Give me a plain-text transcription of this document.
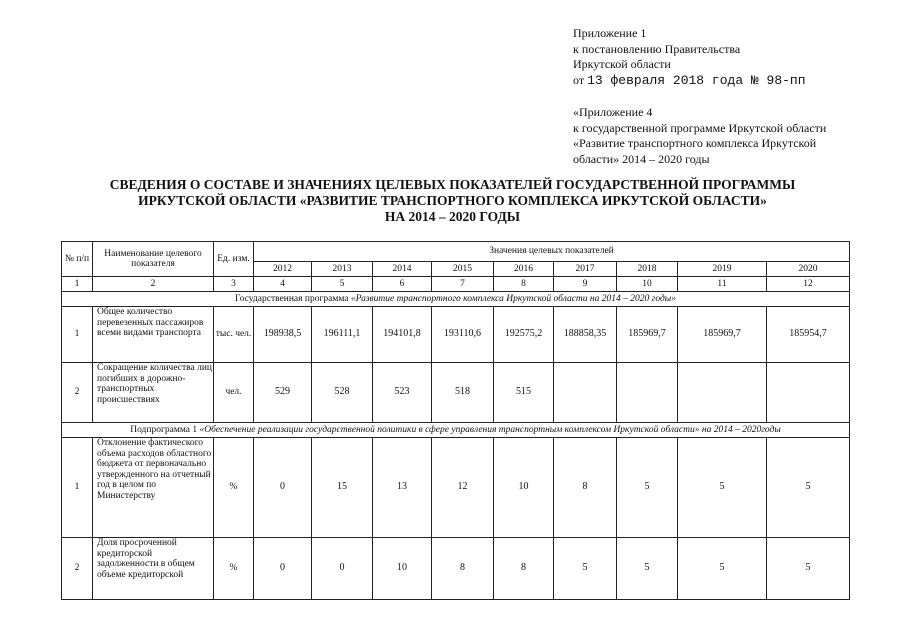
Приложение 1
к постановлению Правительства
Иркутской области
от 13 февраля 2018 года № 98-пп
«Приложение 4
к государственной программе Иркутской области
«Развитие транспортного комплекса Иркутской
области» 2014 – 2020 годы
СВЕДЕНИЯ О СОСТАВЕ И ЗНАЧЕНИЯХ ЦЕЛЕВЫХ ПОКАЗАТЕЛЕЙ ГОСУДАРСТВЕННОЙ ПРОГРАММЫ
ИРКУТСКОЙ ОБЛАСТИ «РАЗВИТИЕ ТРАНСПОРТНОГО КОМПЛЕКСА ИРКУТСКОЙ ОБЛАСТИ»
НА 2014 – 2020 ГОДЫ
№ п/п	Наименование целевого показателя	Ед. изм.	Значения целевых показателей								
			2012	2013	2014	2015	2016	2017	2018	2019	2020
1	2	3	4	5	6	7	8	9	10	11	12
Государственная программа «Развитие транспортного комплекса Иркутской области на 2014 – 2020 годы»											
1	Общее количество перевезенных пассажиров всеми видами транспорта	тыс. чел.	198938,5	196111,1	194101,8	193110,6	192575,2	188858,35	185969,7	185969,7	185954,7
2	Сокращение количества лиц погибших в дорожно-транспортных происшествиях	чел.	529	528	523	518	515				
Подпрограмма 1 «Обеспечение реализации государственной политики в сфере управления транспортным комплексом Иркутской области» на 2014 – 2020годы											
1	Отклонение фактического объема расходов областного бюджета от первоначально утвержденного на отчетный год в целом по Министерству	%	0	15	13	12	10	8	5	5	5
2	Доля просроченной кредиторской задолженности в общем объеме кредиторской	%	0	0	10	8	8	5	5	5	5
